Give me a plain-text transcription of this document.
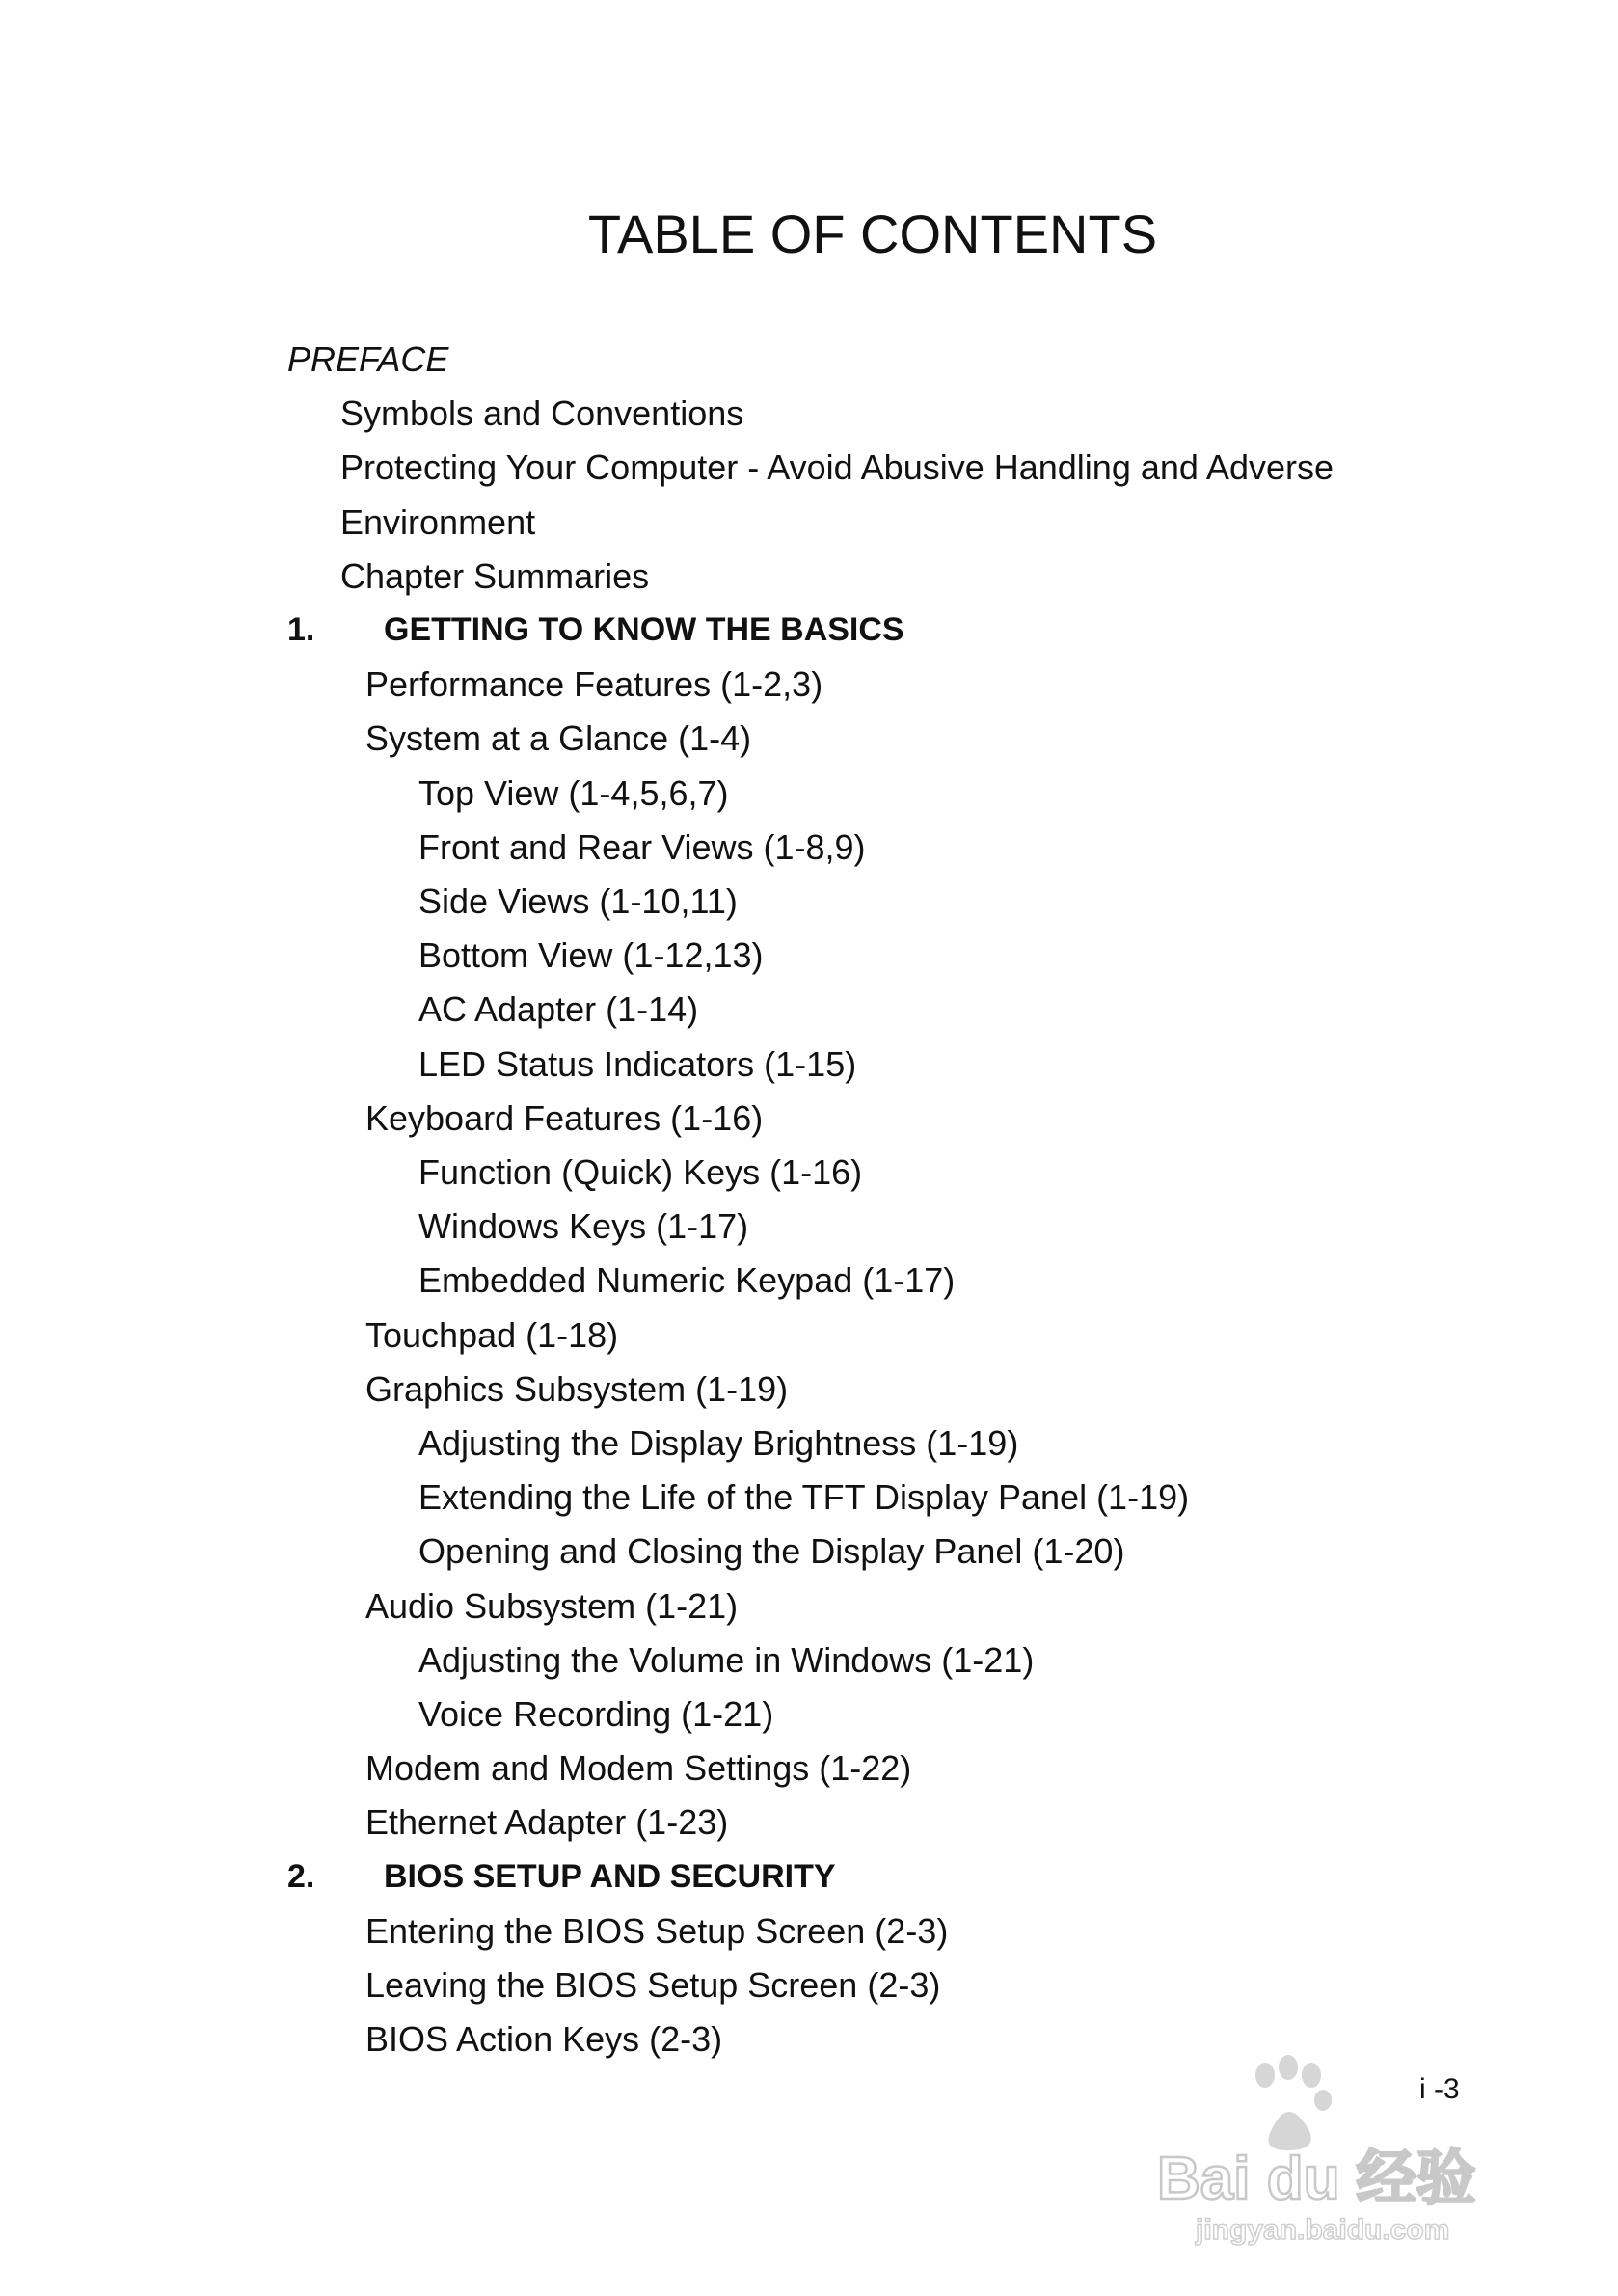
TABLE OF CONTENTS
PREFACE
Symbols and Conventions
Protecting Your Computer - Avoid Abusive Handling and Adverse
Environment
Chapter Summaries
1. GETTING TO KNOW THE BASICS
Performance Features (1-2,3)
System at a Glance (1-4)
Top View (1-4,5,6,7)
Front and Rear Views (1-8,9)
Side Views (1-10,11)
Bottom View (1-12,13)
AC Adapter (1-14)
LED Status Indicators (1-15)
Keyboard Features (1-16)
Function (Quick) Keys (1-16)
Windows Keys (1-17)
Embedded Numeric Keypad (1-17)
Touchpad (1-18)
Graphics Subsystem (1-19)
Adjusting the Display Brightness (1-19)
Extending the Life of the TFT Display Panel (1-19)
Opening and Closing the Display Panel (1-20)
Audio Subsystem (1-21)
Adjusting the Volume in Windows (1-21)
Voice Recording (1-21)
Modem and Modem Settings (1-22)
Ethernet Adapter (1-23)
2. BIOS SETUP AND SECURITY
Entering the BIOS Setup Screen (2-3)
Leaving the BIOS Setup Screen (2-3)
BIOS Action Keys (2-3)
i -3
Bai du 经验
jingyan.baidu.com
